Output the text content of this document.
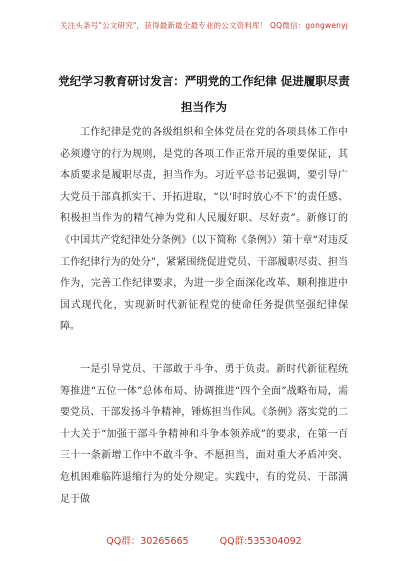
关注头条号"公文研究"，获得最新最全最专业的公文资料库！ QQ微信：gongwenyj
党纪学习教育研讨发言：严明党的工作纪律 促进履职尽责
担当作为

工作纪律是党的各级组织和全体党员在党的各项具体工作中必须遵守的行为规则，是党的各项工作正常开展的重要保证，其本质要求是履职尽责，担当作为。习近平总书记强调，要引导广大党员干部真抓实干、开拓进取，“以‘时时放心不下’的责任感、积极担当作为的精气神为党和人民履好职、尽好责”。新修订的《中国共产党纪律处分条例》（以下简称《条例》）第十章“对违反工作纪律行为的处分”，紧紧围绕促进党员、干部履职尽责、担当作为，完善工作纪律要求，为进一步全面深化改革、顺利推进中国式现代化，实现新时代新征程党的使命任务提供坚强纪律保障。

一是引导党员、干部敢于斗争、勇于负责。新时代新征程统筹推进“五位一体”总体布局、协调推进“四个全面”战略布局，需要党员、干部发扬斗争精神，锤炼担当作风。《条例》落实党的二十大关于“加强干部斗争精神和斗争本领养成”的要求，在第一百三十一条新增工作中不敢斗争、不愿担当，面对重大矛盾冲突、危机困难临阵退缩行为的处分规定。实践中，有的党员、干部满足于做

QQ群：30265665	QQ群:535304092
